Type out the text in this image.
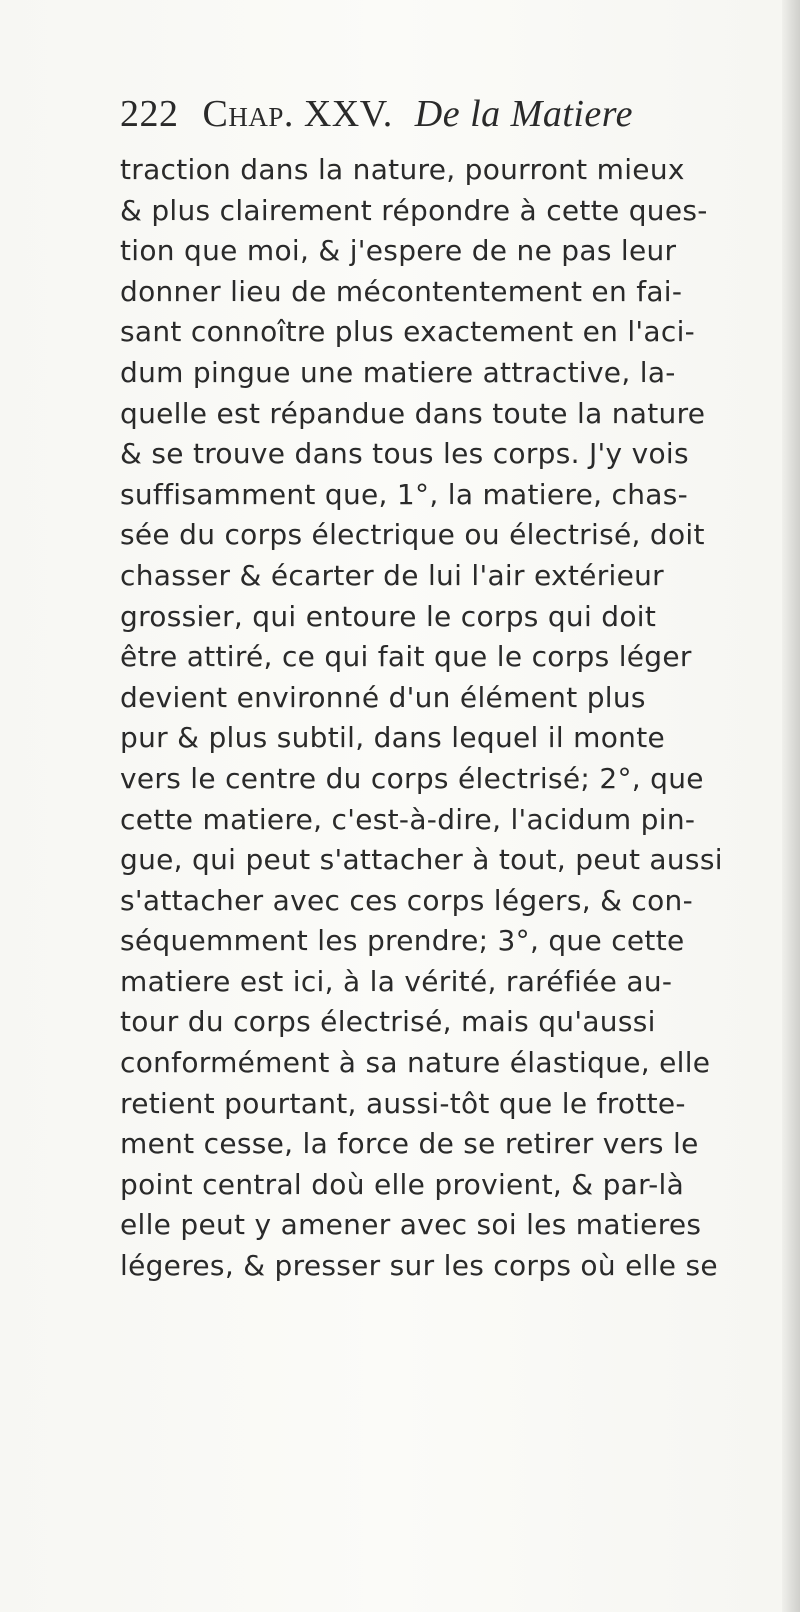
222 Chap. XXV. De la Matiere
traction dans la nature, pourront mieux
& plus clairement répondre à cette ques-
tion que moi, & j'espere de ne pas leur
donner lieu de mécontentement en fai-
sant connoître plus exactement en l'aci-
dum pingue une matiere attractive, la-
quelle est répandue dans toute la nature
& se trouve dans tous les corps. J'y vois
suffisamment que, 1°, la matiere, chas-
sée du corps électrique ou électrisé, doit
chasser & écarter de lui l'air extérieur
grossier, qui entoure le corps qui doit
être attiré, ce qui fait que le corps léger
devient environné d'un élément plus
pur & plus subtil, dans lequel il monte
vers le centre du corps électrisé; 2°, que
cette matiere, c'est-à-dire, l'acidum pin-
gue, qui peut s'attacher à tout, peut aussi
s'attacher avec ces corps légers, & con-
séquemment les prendre; 3°, que cette
matiere est ici, à la vérité, raréfiée au-
tour du corps électrisé, mais qu'aussi
conformément à sa nature élastique, elle
retient pourtant, aussi-tôt que le frotte-
ment cesse, la force de se retirer vers le
point central doù elle provient, & par-là
elle peut y amener avec soi les matieres
légeres, & presser sur les corps où elle se
